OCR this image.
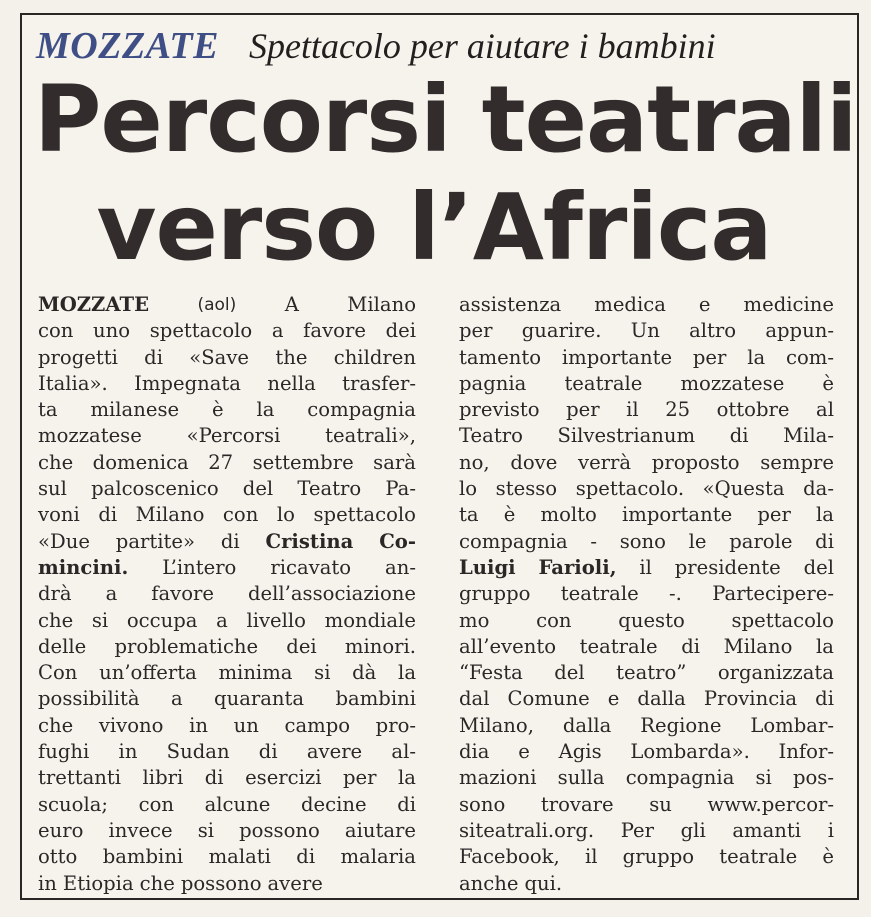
MOZZATE Spettacolo per aiutare i bambini
Percorsi teatrali
verso l’Africa
MOZZATE	(aol) A Milano
con uno spettacolo a favore dei
progetti di «Save the children
Italia». Impegnata nella trasfer-
ta milanese è la compagnia
mozzatese «Percorsi teatrali»,
che domenica 27 settembre sarà
sul palcoscenico del Teatro Pa-
voni di Milano con lo spettacolo
«Due partite» di Cristina Co-
mincini. L’intero ricavato an-
drà a favore dell’associazione
che si occupa a livello mondiale
delle problematiche dei minori.
Con un’offerta minima si dà la
possibilità a quaranta bambini
che vivono in un campo pro-
fughi in Sudan di avere al-
trettanti libri di esercizi per la
scuola; con alcune decine di
euro invece si possono aiutare
otto bambini malati di malaria
in Etiopia che possono avere
assistenza medica e medicine
per guarire. Un altro appun-
tamento importante per la com-
pagnia teatrale mozzatese è
previsto per il 25 ottobre al
Teatro Silvestrianum di Mila-
no, dove verrà proposto sempre
lo stesso spettacolo. «Questa da-
ta è molto importante per la
compagnia - sono le parole di
Luigi Farioli, il presidente del
gruppo teatrale -. Partecipere-
mo con questo spettacolo
all’evento teatrale di Milano la
“Festa del teatro” organizzata
dal Comune e dalla Provincia di
Milano, dalla Regione Lombar-
dia e Agis Lombarda». Infor-
mazioni sulla compagnia si pos-
sono trovare su www.percor-
siteatrali.org. Per gli amanti i
Facebook, il gruppo teatrale è
anche qui.
